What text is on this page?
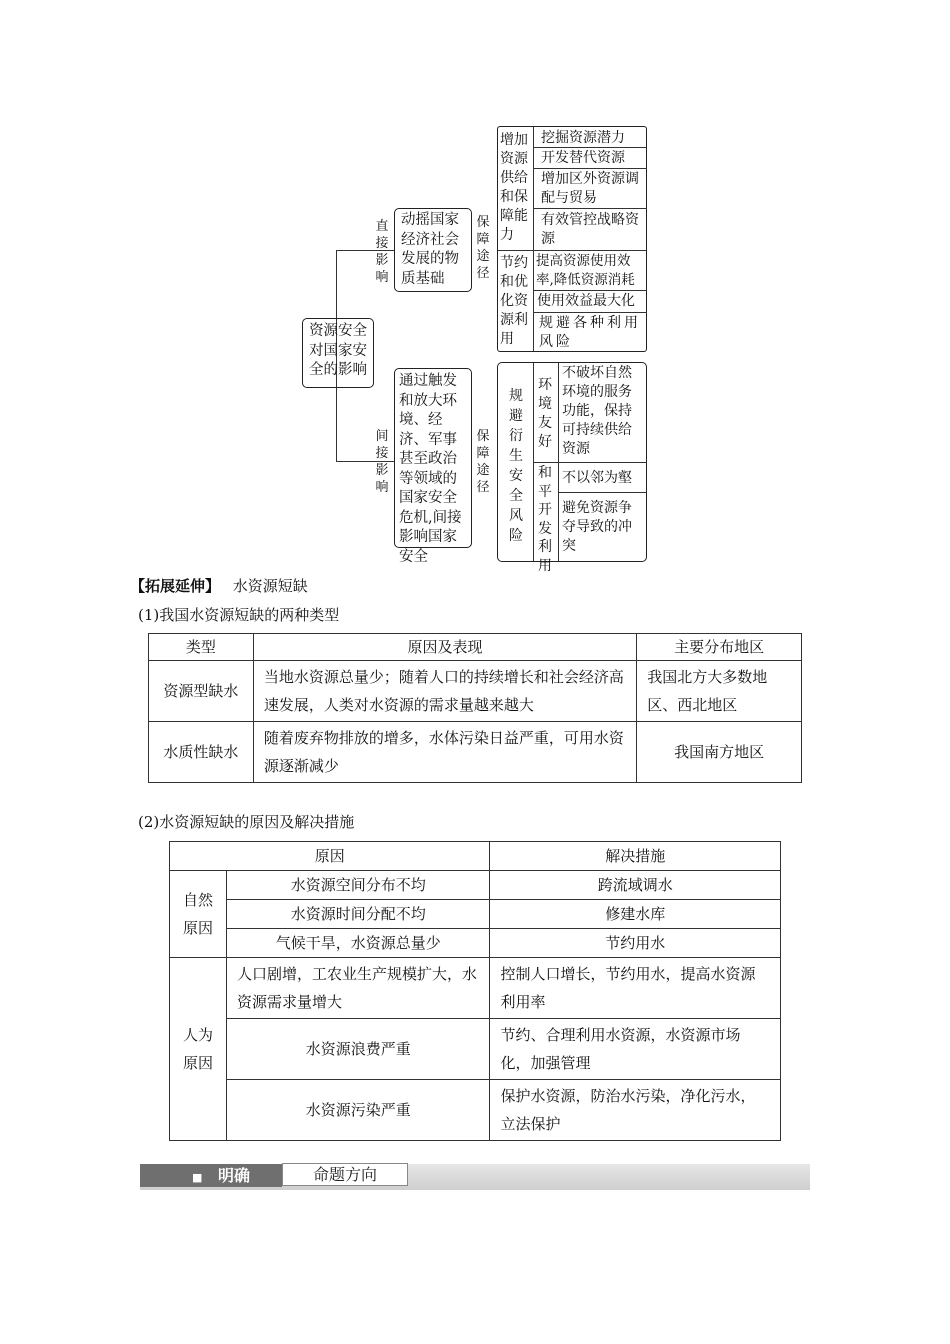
资源安全对国家安全的影响
直接影响
动摇国家经济社会发展的物质基础
保障途径
增加资源供给和保障能力
节约和优化资源利用
挖掘资源潜力
开发替代资源
增加区外资源调配与贸易
有效管控战略资源
提高资源使用效率,降低资源消耗
使用效益最大化
规避各种利用风险
间接影响
通过触发和放大环境、经济、军事甚至政治等领域的国家安全危机,间接影响国家安全
保障途径
规避衍生安全风险
环境友好
和平开发利用
不破坏自然环境的服务功能，保持可持续供给资源
不以邻为壑
避免资源争夺导致的冲突
【拓展延伸】 水资源短缺
(1)我国水资源短缺的两种类型
类型	原因及表现	主要分布地区
资源型缺水	当地水资源总量少；随着人口的持续增长和社会经济高速发展，人类对水资源的需求量越来越大	我国北方大多数地区、西北地区
水质性缺水	随着废弃物排放的增多，水体污染日益严重，可用水资源逐渐减少	我国南方地区
(2)水资源短缺的原因及解决措施
原因		解决措施
自然原因	水资源空间分布不均	跨流域调水
	水资源时间分配不均	修建水库
	气候干旱，水资源总量少	节约用水
人为原因	人口剧增，工农业生产规模扩大，水资源需求量增大	控制人口增长，节约用水，提高水资源利用率
	水资源浪费严重	节约、合理利用水资源，水资源市场化，加强管理
	水资源污染严重	保护水资源，防治水污染，净化污水，立法保护
■ 明确	命题方向
